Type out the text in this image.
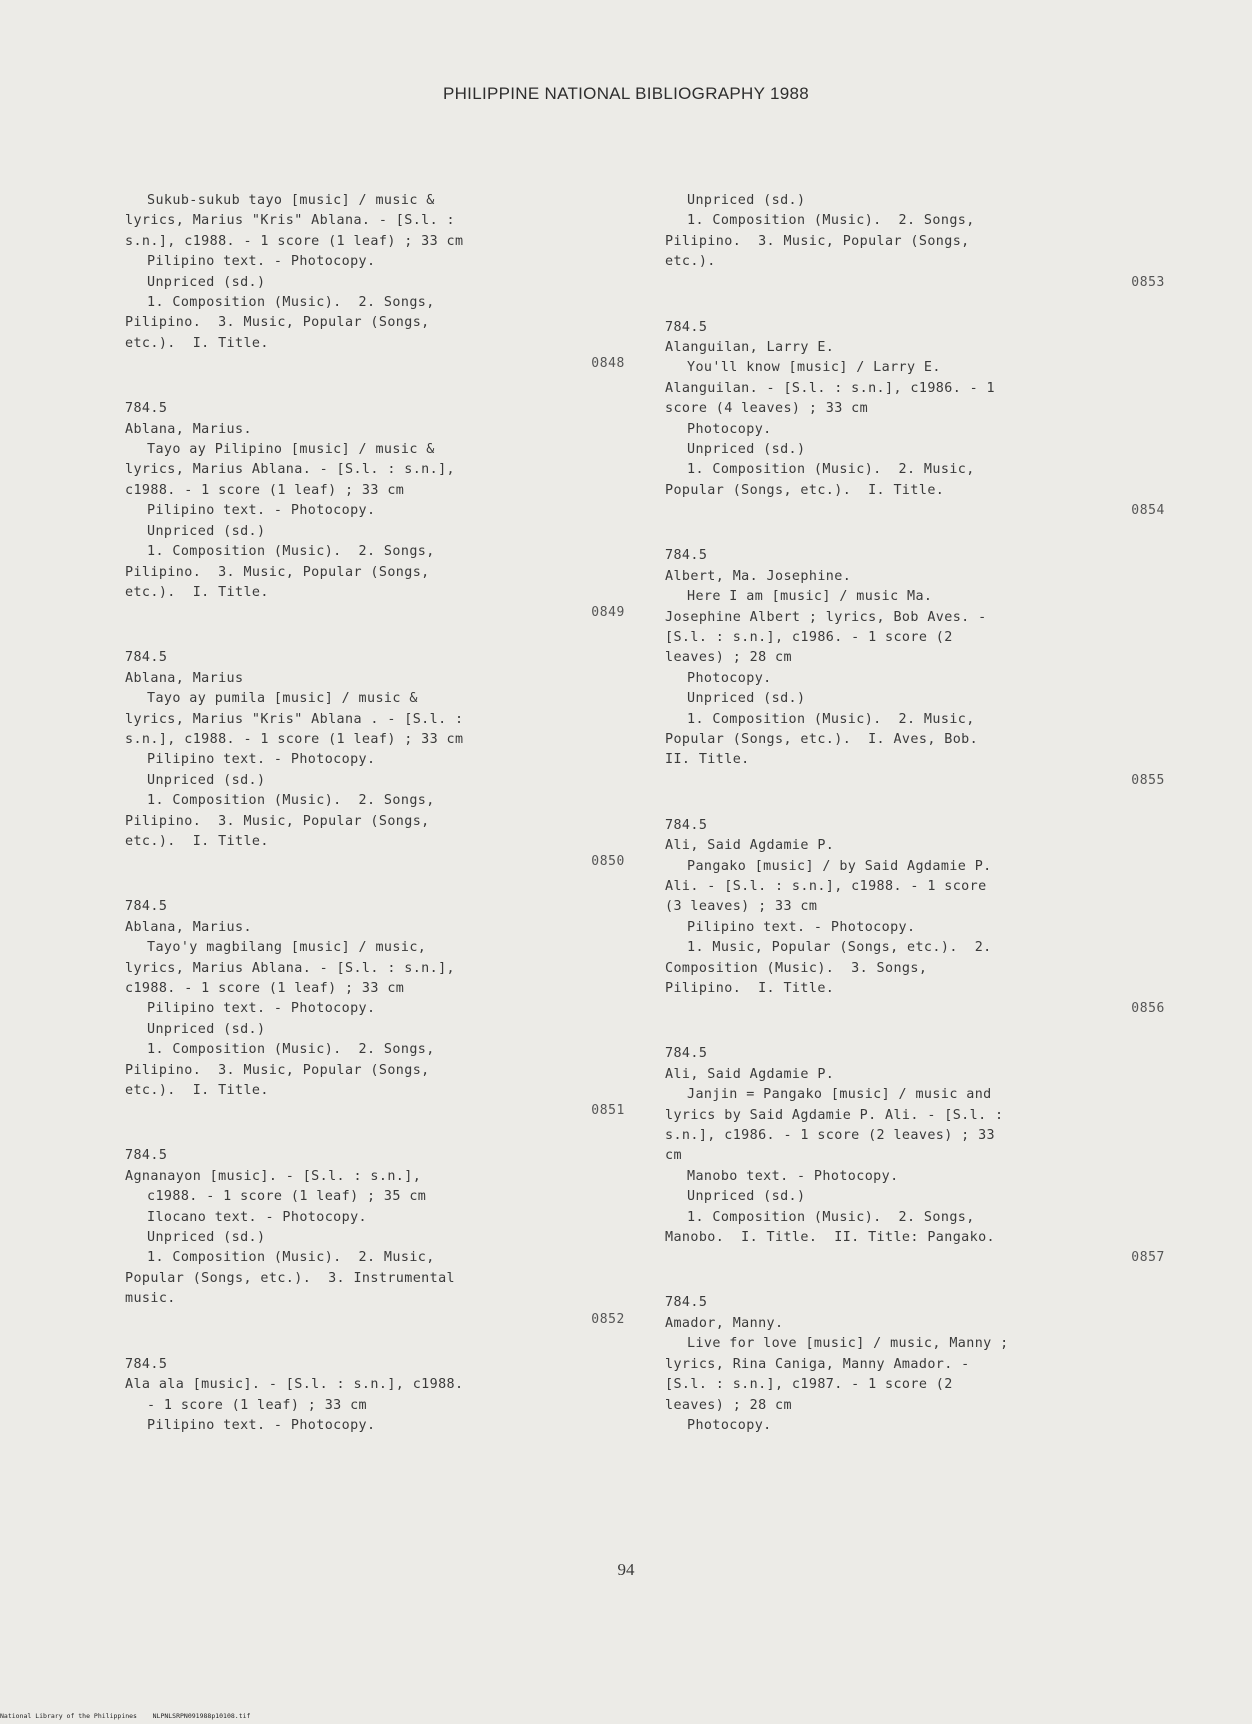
PHILIPPINE NATIONAL BIBLIOGRAPHY 1988
Sukub-sukub tayo [music] / music &
lyrics, Marius "Kris" Ablana. - [S.l. :
s.n.], c1988. - 1 score (1 leaf) ; 33 cm
Pilipino text. - Photocopy.
Unpriced (sd.)
1. Composition (Music).  2. Songs,
Pilipino.  3. Music, Popular (Songs,
etc.).  I. Title.
0848
784.5
Ablana, Marius.
Tayo ay Pilipino [music] / music &
lyrics, Marius Ablana. - [S.l. : s.n.],
c1988. - 1 score (1 leaf) ; 33 cm
Pilipino text. - Photocopy.
Unpriced (sd.)
1. Composition (Music).  2. Songs,
Pilipino.  3. Music, Popular (Songs,
etc.).  I. Title.
0849
784.5
Ablana, Marius
Tayo ay pumila [music] / music &
lyrics, Marius "Kris" Ablana . - [S.l. :
s.n.], c1988. - 1 score (1 leaf) ; 33 cm
Pilipino text. - Photocopy.
Unpriced (sd.)
1. Composition (Music).  2. Songs,
Pilipino.  3. Music, Popular (Songs,
etc.).  I. Title.
0850
784.5
Ablana, Marius.
Tayo'y magbilang [music] / music,
lyrics, Marius Ablana. - [S.l. : s.n.],
c1988. - 1 score (1 leaf) ; 33 cm
Pilipino text. - Photocopy.
Unpriced (sd.)
1. Composition (Music).  2. Songs,
Pilipino.  3. Music, Popular (Songs,
etc.).  I. Title.
0851
784.5
Agnanayon [music]. - [S.l. : s.n.],
c1988. - 1 score (1 leaf) ; 35 cm
Ilocano text. - Photocopy.
Unpriced (sd.)
1. Composition (Music).  2. Music,
Popular (Songs, etc.).  3. Instrumental
music.
0852
784.5
Ala ala [music]. - [S.l. : s.n.], c1988.
- 1 score (1 leaf) ; 33 cm
Pilipino text. - Photocopy.
Unpriced (sd.)
1. Composition (Music).  2. Songs,
Pilipino.  3. Music, Popular (Songs,
etc.).
0853
784.5
Alanguilan, Larry E.
You'll know [music] / Larry E.
Alanguilan. - [S.l. : s.n.], c1986. - 1
score (4 leaves) ; 33 cm
Photocopy.
Unpriced (sd.)
1. Composition (Music).  2. Music,
Popular (Songs, etc.).  I. Title.
0854
784.5
Albert, Ma. Josephine.
Here I am [music] / music Ma.
Josephine Albert ; lyrics, Bob Aves. -
[S.l. : s.n.], c1986. - 1 score (2
leaves) ; 28 cm
Photocopy.
Unpriced (sd.)
1. Composition (Music).  2. Music,
Popular (Songs, etc.).  I. Aves, Bob.
II. Title.
0855
784.5
Ali, Said Agdamie P.
Pangako [music] / by Said Agdamie P.
Ali. - [S.l. : s.n.], c1988. - 1 score
(3 leaves) ; 33 cm
Pilipino text. - Photocopy.
1. Music, Popular (Songs, etc.).  2.
Composition (Music).  3. Songs,
Pilipino.  I. Title.
0856
784.5
Ali, Said Agdamie P.
Janjin = Pangako [music] / music and
lyrics by Said Agdamie P. Ali. - [S.l. :
s.n.], c1986. - 1 score (2 leaves) ; 33
cm
Manobo text. - Photocopy.
Unpriced (sd.)
1. Composition (Music).  2. Songs,
Manobo.  I. Title.  II. Title: Pangako.
0857
784.5
Amador, Manny.
Live for love [music] / music, Manny ;
lyrics, Rina Caniga, Manny Amador. -
[S.l. : s.n.], c1987. - 1 score (2
leaves) ; 28 cm
Photocopy.
94
National Library of the Philippines    NLPNLSRPN091988p10108.tif
